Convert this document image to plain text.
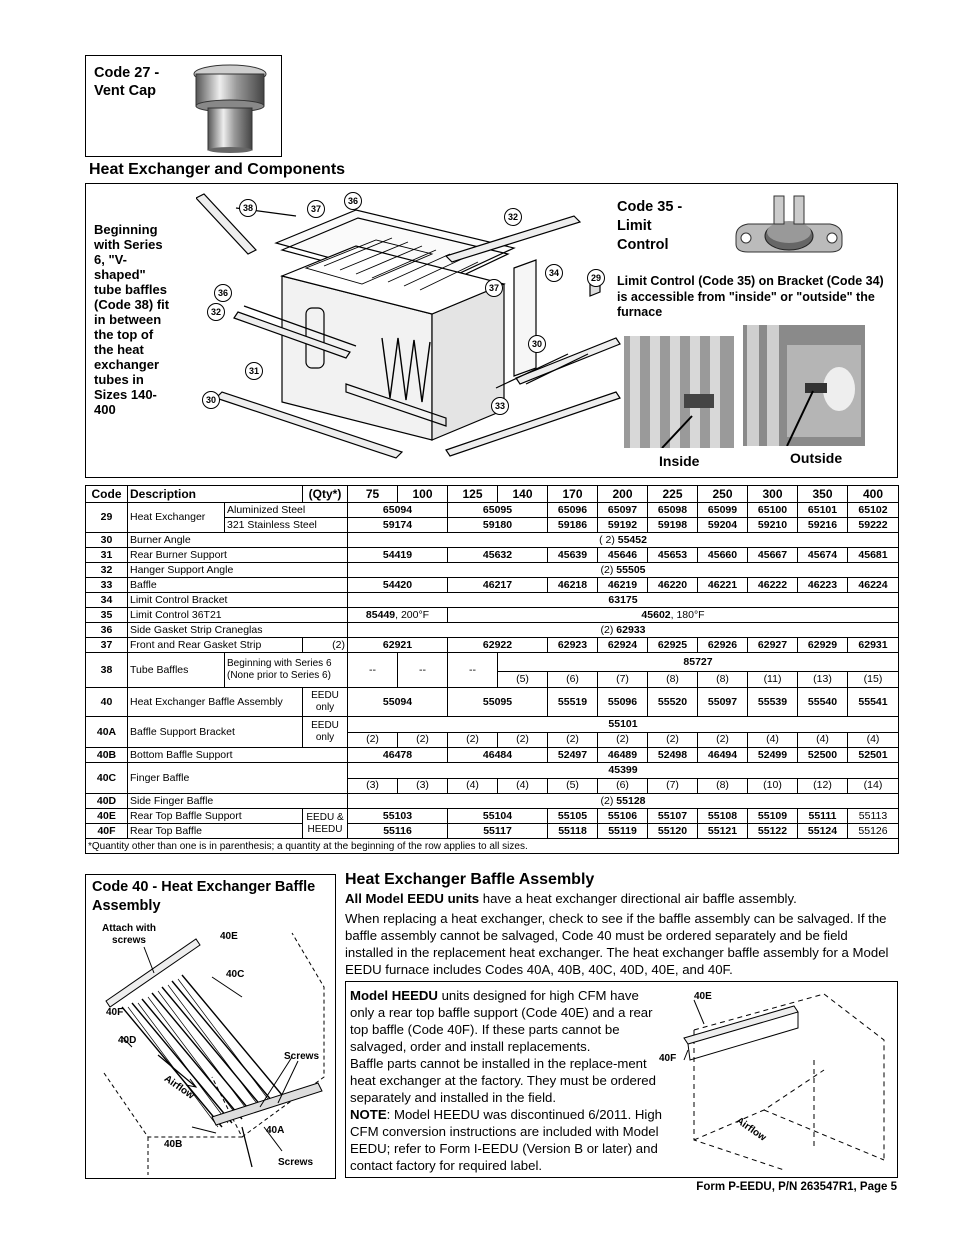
Code 27 -
Vent Cap
Heat Exchanger and Components
Beginning with Series 6, "V-shaped" tube baffles (Code 38) fit in between the top of the heat exchanger tubes in Sizes 140-400
38	37
36
32
36
32
34	29
37
30
31
30
33
Code 35 -
Limit
Control
Limit Control (Code 35) on Bracket (Code 34) is accessible from "inside" or "outside" the furnace
Inside	Outside
Code	Description		(Qty*)	75	100	125	140	170	200	225	250	300	350	400
29	Heat Exchanger	Aluminized Steel		65094		65095		65096	65097	65098	65099	65100	65101	65102
		321 Stainless Steel		59174		59180		59186	59192	59198	59204	59210	59216	59222
30	Burner Angle			( 2) 55452										
31	Rear Burner Support			54419		45632		45639	45646	45653	45660	45667	45674	45681
32	Hanger Support Angle			(2) 55505										
33	Baffle			54420		46217		46218	46219	46220	46221	46222	46223	46224
34	Limit Control Bracket			63175										
35	Limit Control 36T21			85449, 200°F		45602, 180°F								
36	Side Gasket Strip Craneglas			(2) 62933										
37	Front and Rear Gasket Strip		(2)	62921		62922		62923	62924	62925	62926	62927	62929	62931
38	Tube Baffles	Beginning with Series 6 (None prior to Series 6)		--	--	--	85727							
							(5)	(6)	(7)	(8)	(8)	(11)	(13)	(15)
40	Heat Exchanger Baffle Assembly		EEDU only	55094		55095		55519	55096	55520	55097	55539	55540	55541
40A	Baffle Support Bracket		EEDU only	55101										
				(2)	(2)	(2)	(2)	(2)	(2)	(2)	(2)	(4)	(4)	(4)
40B	Bottom Baffle Support			46478		46484		52497	46489	52498	46494	52499	52500	52501
40C	Finger Baffle			45399										
				(3)	(3)	(4)	(4)	(5)	(6)	(7)	(8)	(10)	(12)	(14)
40D	Side Finger Baffle			(2) 55128										
40E	Rear Top Baffle Support		EEDU & HEEDU	55103		55104		55105	55106	55107	55108	55109	55111	55113
40F	Rear Top Baffle			55116		55117		55118	55119	55120	55121	55122	55124	55126
*Quantity other than one is in parenthesis; a quantity at the beginning of the row applies to all sizes.														
Code 40 - Heat Exchanger Baffle Assembly
Attach with screws	40E
40C
40F
40D
Screws
Airflow
40A
40B
Screws
Heat Exchanger Baffle Assembly

All Model EEDU units have a heat exchanger directional air baffle assembly.

When replacing a heat exchanger, check to see if the baffle assembly can be salvaged. If the baffle assembly cannot be salvaged, Code 40 must be ordered separately and be field installed in the replacement heat exchanger. The heat exchanger baffle assembly for a Model EEDU furnace includes Codes 40A, 40B, 40C, 40D, 40E, and 40F.

Model HEEDU units designed for high CFM have only a rear top baffle support (Code 40E) and a rear top baffle (Code 40F). If these parts cannot be salvaged, order and install replacements.

Baffle parts cannot be installed in the replace-ment heat exchanger at the factory. They must be ordered separately and installed in the field.

NOTE: Model HEEDU was discontinued 6/2011. High CFM conversion instructions are included with Model EEDU; refer to Form I-EEDU (Version B or later) and contact factory for required label.

40E
40F
Airflow
Form P-EEDU, P/N 263547R1, Page 5
